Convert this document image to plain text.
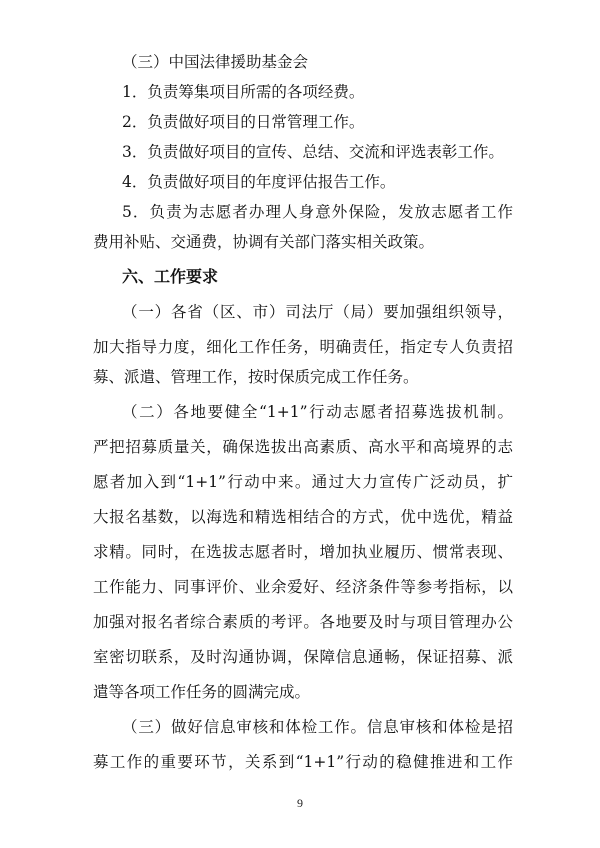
（三）中国法律援助基金会
1．负责筹集项目所需的各项经费。
2．负责做好项目的日常管理工作。
3．负责做好项目的宣传、总结、交流和评选表彰工作。
4．负责做好项目的年度评估报告工作。
5．负责为志愿者办理人身意外保险，发放志愿者工作
费用补贴、交通费，协调有关部门落实相关政策。
六、工作要求
（一）各省（区、市）司法厅（局）要加强组织领导，
加大指导力度，细化工作任务，明确责任，指定专人负责招
募、派遣、管理工作，按时保质完成工作任务。
（二）各地要健全“1+1”行动志愿者招募选拔机制。
严把招募质量关，确保选拔出高素质、高水平和高境界的志
愿者加入到“1+1”行动中来。通过大力宣传广泛动员，扩
大报名基数，以海选和精选相结合的方式，优中选优，精益
求精。同时，在选拔志愿者时，增加执业履历、惯常表现、
工作能力、同事评价、业余爱好、经济条件等参考指标，以
加强对报名者综合素质的考评。各地要及时与项目管理办公
室密切联系，及时沟通协调，保障信息通畅，保证招募、派
遣等各项工作任务的圆满完成。
（三）做好信息审核和体检工作。信息审核和体检是招
募工作的重要环节，关系到“1+1”行动的稳健推进和工作
9
